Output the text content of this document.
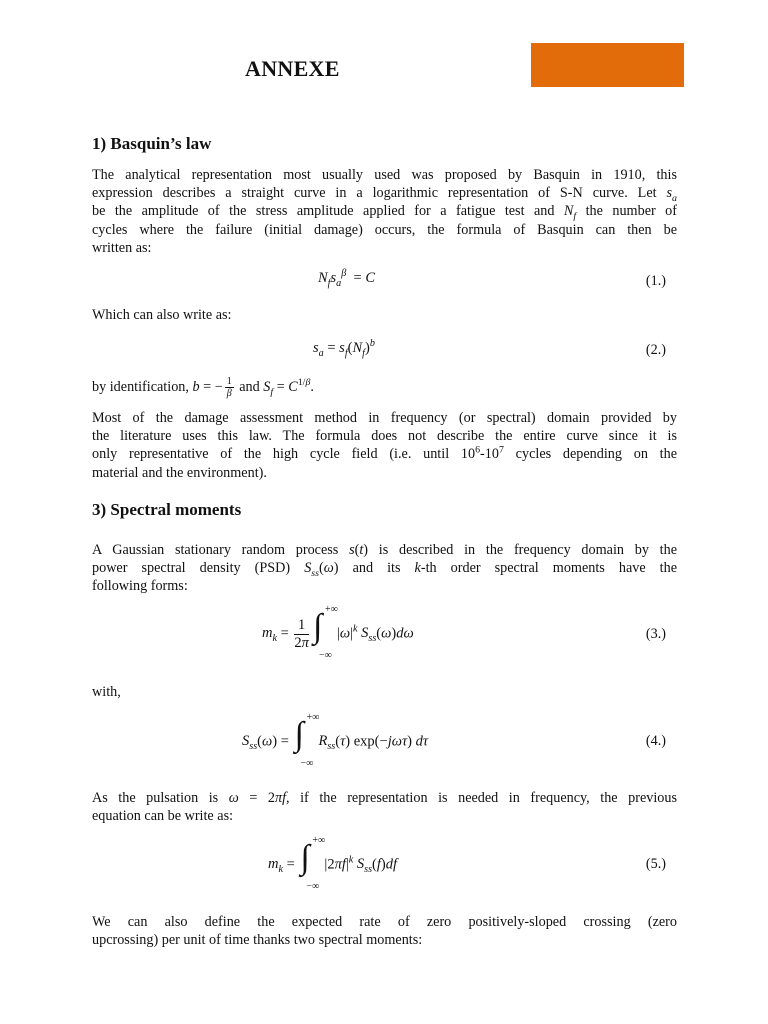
ANNEXE
1) Basquin’s law
The analytical representation most usually used was proposed by Basquin in 1910, this
expression describes a straight curve in a logarithmic representation of S-N curve. Let $s_a$
be the amplitude of the stress amplitude applied for a fatigue test and $N_f$ the number of
cycles where the failure (initial damage) occurs, the formula of Basquin can then be
written as:
$N_fs_a^\beta = C$	(1.)
Which can also write as:
$s_a = s_f(N_f)^b$	(2.)
by identification, b = − $\frac{1}{\beta}$ and $S_f = C^{1/\beta}$.
Most of the damage assessment method in frequency (or spectral) domain provided by
the literature uses this law. The formula does not describe the entire curve since it is
only representative of the high cycle field (i.e. until $10^6-10^7$ cycles depending on the
material and the environment).
3) Spectral moments
A Gaussian stationary random process s(t) is described in the frequency domain by the
power spectral density (PSD) $S_{ss}(\omega)$ and its k-th order spectral moments have the
following forms:
$m_k = \frac{1}{2\pi}$ ∫ +∞
−∞
$|\omega|^k$ $S_{ss}(\omega)d\omega$	(3.)
with,
$S_{ss}(\omega)$ = ∫ +∞
−∞
$R_{ss}(\tau)$ exp(−jωτ) dτ	(4.)
As the pulsation is ω = 2πf, if the representation is needed in frequency, the previous
equation can be write as:
$m_k$ = ∫ +∞
−∞
$|2\pi f|^k$ $S_{ss}(f)df$	(5.)
We can also define the expected rate of zero positively-sloped crossing (zero
upcrossing) per unit of time thanks two spectral moments:
